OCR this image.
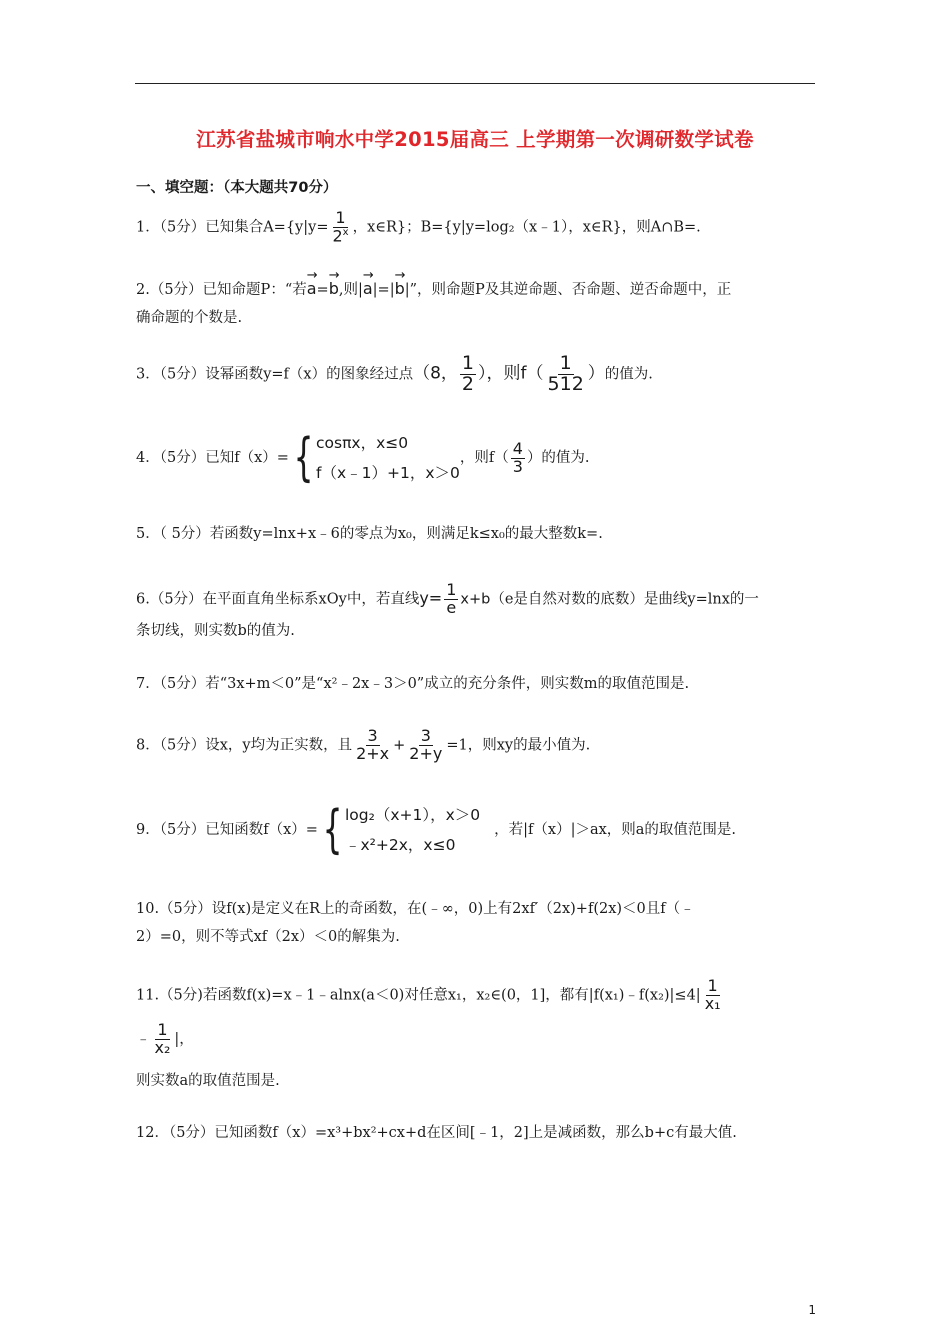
江苏省盐城市响水中学2015届高三 上学期第一次调研数学试卷
一、填空题：（本大题共70分）
1．（5分）已知集合$A=\{y|y= \frac{1}{2^x}$ ，x∈R}；B={y|y=log₂（x﹣1），x∈R}，则A∩B=.
2.（5分）已知命题P：“若→ a=→ b,则|→ a|=|→ b|”，则命题P及其逆命题、否命题、逆否命题中，正
确命题的个数是.
3．（5分）设幂函数y=f（x）的图象经过点（8， $\frac{1}{2}$ ），则$f( \frac{1}{512}$ ）的值为.
4．（5分）已知f（x）={ cosπx，x≤0
f（x﹣1）+1，x＞0
，则$f( \frac{4}{3}$ ）的值为.
5．（ 5分）若函数y=lnx+x﹣6的零点为x₀，则满足k≤x₀的最大整数k=.
6.（5分）在平面直角坐标系xOy中，若直线$y= \frac{1}{e} x+b(e$是自然对数的底数）是曲线y=lnx的一
条切线，则实数b的值为.
7．（5分）若“3x+m＜0”是“x²﹣2x﹣3＞0”成立的充分条件，则实数m的取值范围是.
8．（5分）设x，y均为正实数，且 $\frac{3}{2+x} + \frac{3}{2+y} =1$，则xy的最小值为.
9．（5分）已知函数f（x）={ log₂（x+1），x＞0
﹣x²+2x，x≤0
，若|f（x）|＞ax，则a的取值范围是.
10.（5分）设f(x)是定义在R上的奇函数，在(﹣∞，0)上有2xf′（2x)+f(2x)＜0且f（﹣
2）=0，则不等式xf（2x）＜0的解集为.
11.（5分)若函数f(x)=x﹣1﹣alnx(a＜0)对任意x₁，x₂∈(0，1]，都有|f(x₁)﹣f(x₂)|≤4| $\frac{1}{\text{x₁}}$
﹣ $\frac{1}{\text{x₂}}$ |，
则实数a的取值范围是.
12．（5分）已知函数f（x）=x³+bx²+cx+d在区间[﹣1，2]上是减函数，那么b+c有最大值.
1
